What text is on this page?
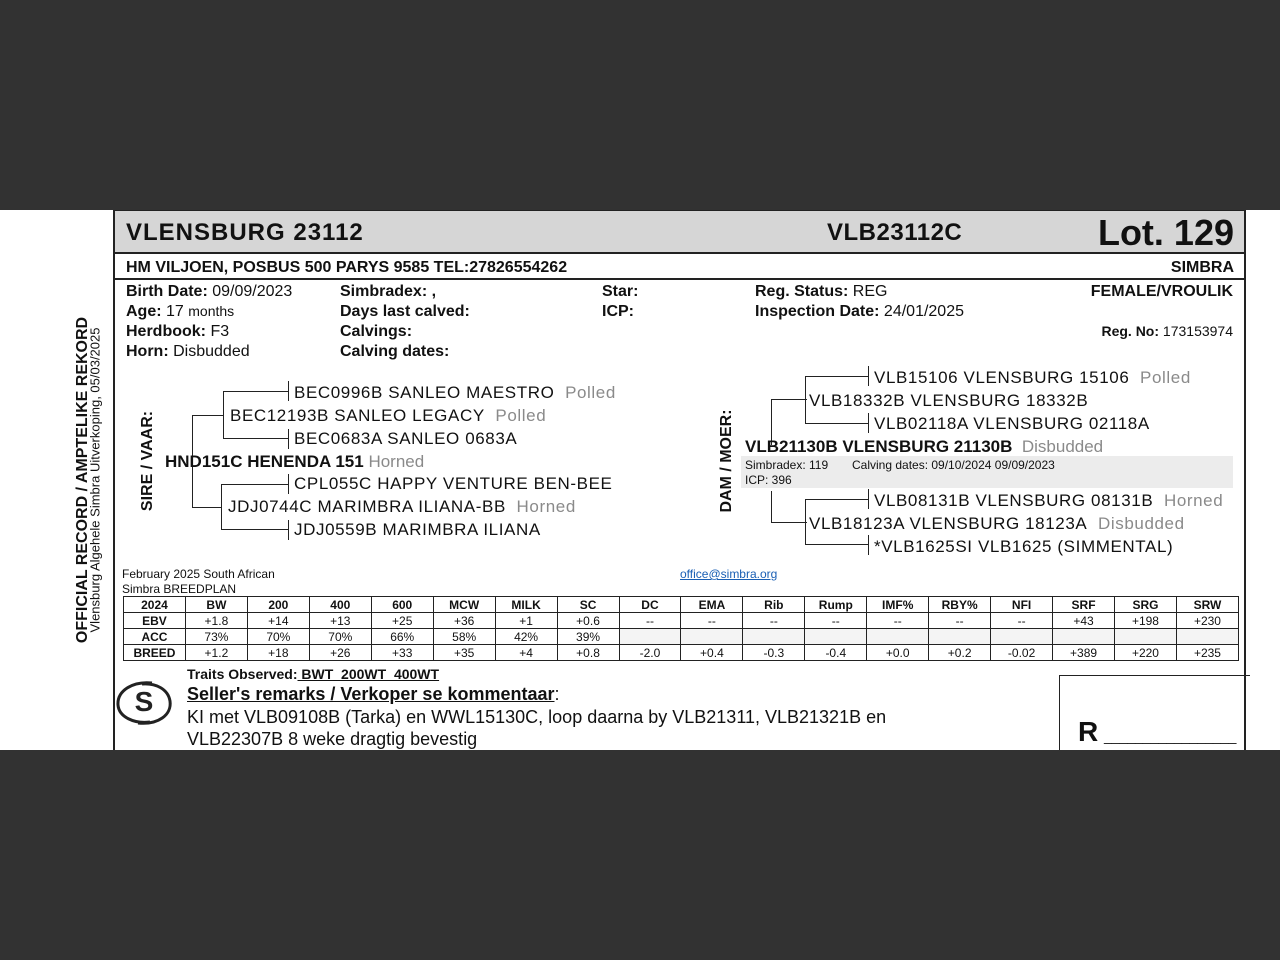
OFFICIAL RECORD / AMPTELIKE REKORD
Vlensburg Algehele Simbra Uitverkoping, 05/03/2025
VLENSBURG 23112	VLB23112C	Lot. 129
HM VILJOEN, POSBUS 500 PARYS 9585 TEL:27826554262	SIMBRA
Birth Date: 09/09/2023
Age: 17 months
Herdbook: F3
Horn: Disbudded
Simbradex: ,
Days last calved:
Calvings:
Calving dates:
Star:
ICP:
Reg. Status: REG
Inspection Date: 24/01/2025
FEMALE/VROULIK
Reg. No: 173153974
SIRE / VAAR:
BEC0996B SANLEO MAESTRO Polled
BEC12193B SANLEO LEGACY Polled
BEC0683A SANLEO 0683A
HND151C HENENDA 151 Horned
CPL055C HAPPY VENTURE BEN-BEE
JDJ0744C MARIMBRA ILIANA-BB Horned
JDJ0559B MARIMBRA ILIANA
DAM / MOER:
VLB15106 VLENSBURG 15106 Polled
VLB18332B VLENSBURG 18332B
VLB02118A VLENSBURG 02118A
VLB21130B VLENSBURG 21130B Disbudded
Simbradex: 119 Calving dates: 09/10/2024 09/09/2023
ICP: 396
VLB08131B VLENSBURG 08131B Horned
VLB18123A VLENSBURG 18123A Disbudded
*VLB1625SI VLB1625 (SIMMENTAL)
February 2025 South African
Simbra BREEDPLAN
office@simbra.org
2024	BW	200	400	600	MCW	MILK	SC	DC	EMA	Rib	Rump	IMF%	RBY%	NFI	SRF	SRG	SRW
EBV	+1.8	+14	+13	+25	+36	+1	+0.6	--	--	--	--	--	--	--	+43	+198	+230
ACC	73%	70%	70%	66%	58%	42%	39%										
BREED	+1.2	+18	+26	+33	+35	+4	+0.8	-2.0	+0.4	-0.3	-0.4	+0.0	+0.2	-0.02	+389	+220	+235
Traits Observed: BWT  200WT  400WT
Seller's remarks / Verkoper se kommentaar:
KI met VLB09108B (Tarka) en WWL15130C, loop daarna by VLB21311, VLB21321B en
VLB22307B 8 weke dragtig bevestig	R _________________
S
